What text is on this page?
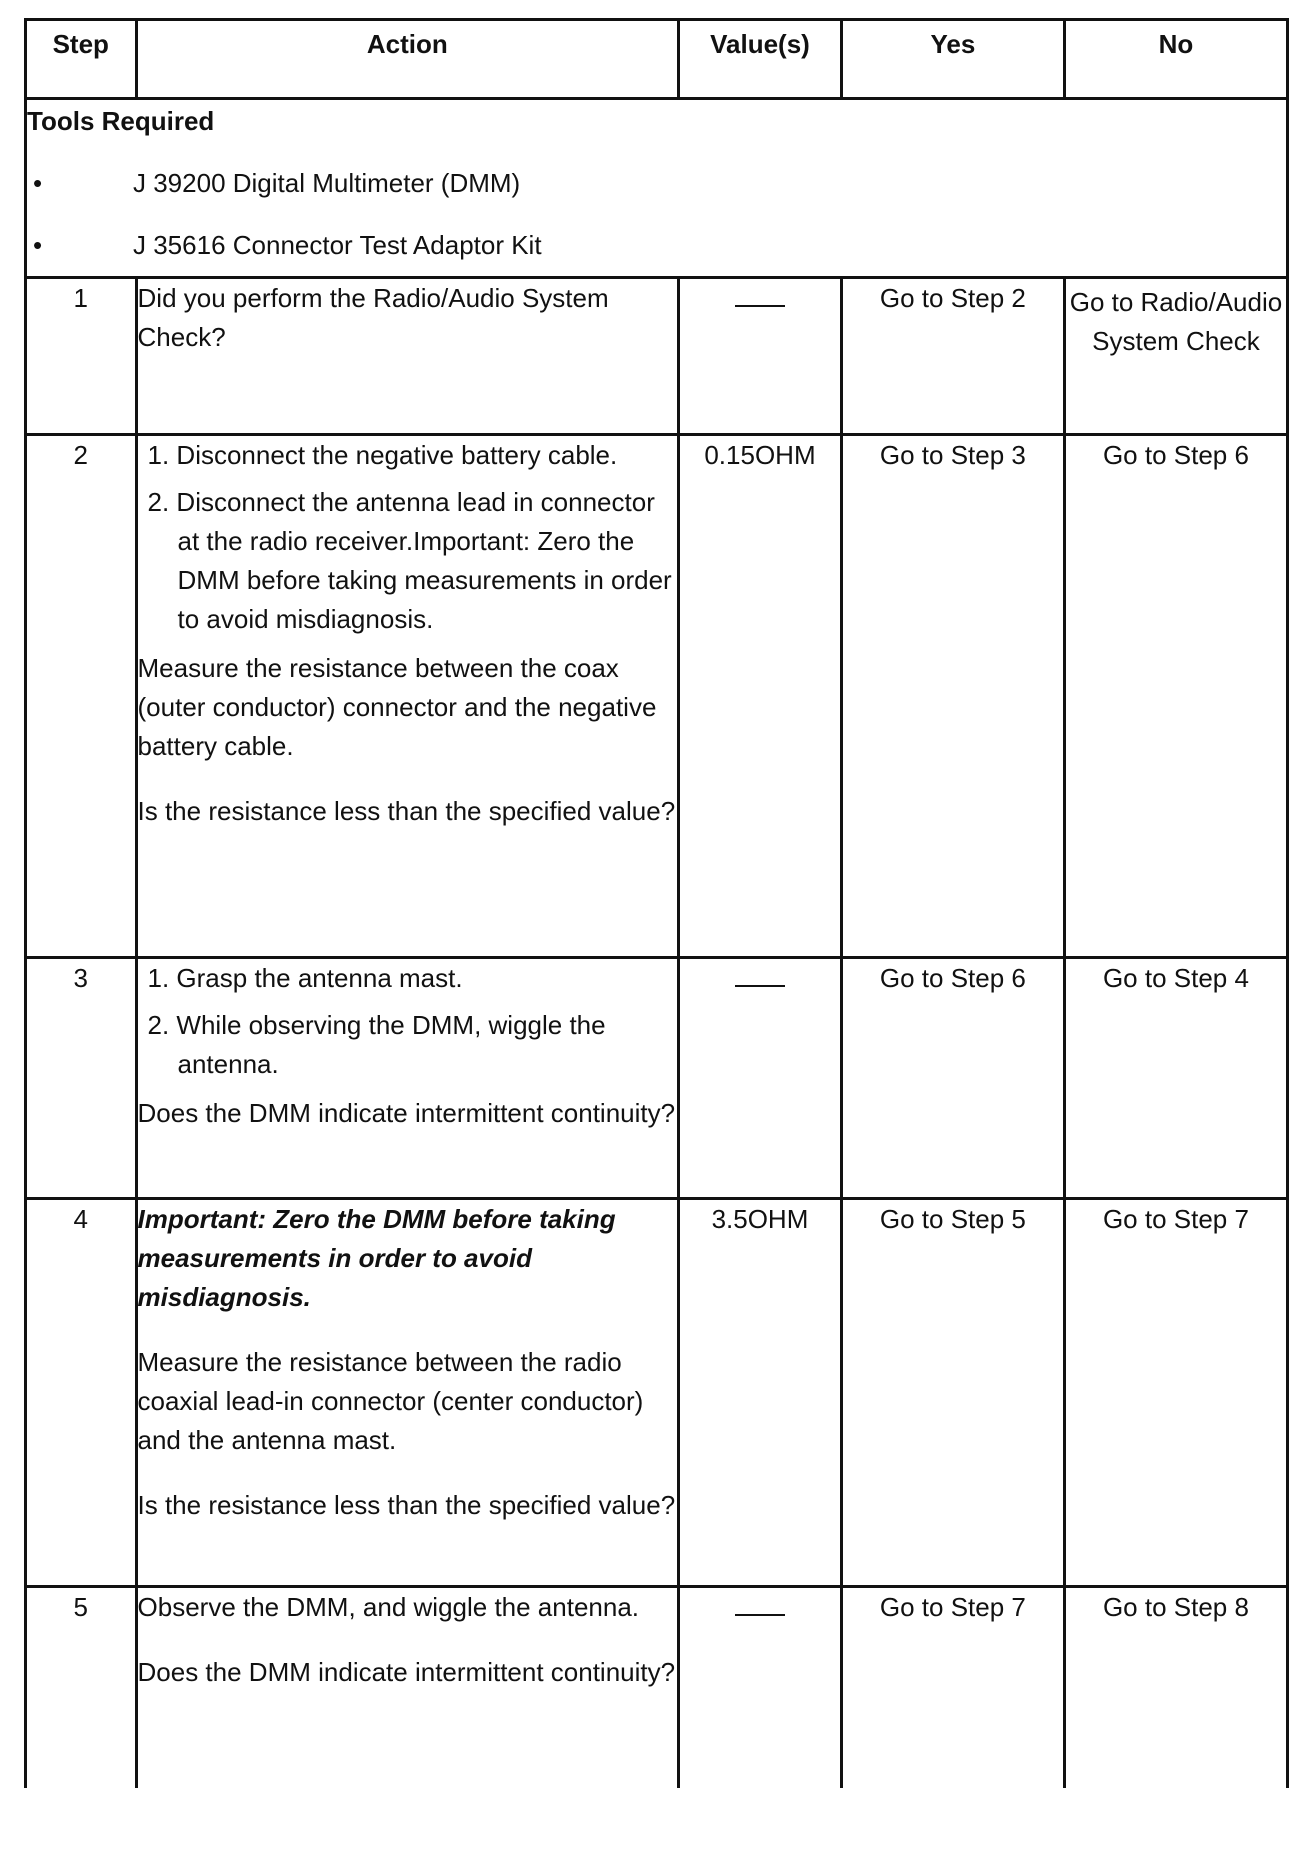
Step	Action	Value(s)	Yes	No

Tools Required
• J 39200 Digital Multimeter (DMM)
• J 35616 Connector Test Adaptor Kit				

1	Did you perform the Radio/Audio System Check?		Go to Step 2	Go to Radio/Audio System Check
2	1. Disconnect the negative battery cable.
2. Disconnect the antenna lead in connector at the radio receiver.Important: Zero the DMM before taking measurements in order to avoid misdiagnosis.
Measure the resistance between the coax (outer conductor) connector and the negative battery cable.
Is the resistance less than the specified value?	0.15OHM	Go to Step 3	Go to Step 6
3	1. Grasp the antenna mast.
2. While observing the DMM, wiggle the antenna.
Does the DMM indicate intermittent continuity?		Go to Step 6	Go to Step 4
4	Important: Zero the DMM before taking measurements in order to avoid misdiagnosis.
Measure the resistance between the radio coaxial lead-in connector (center conductor) and the antenna mast.
Is the resistance less than the specified value?	3.5OHM	Go to Step 5	Go to Step 7
5	Observe the DMM, and wiggle the antenna.
Does the DMM indicate intermittent continuity?		Go to Step 7	Go to Step 8
